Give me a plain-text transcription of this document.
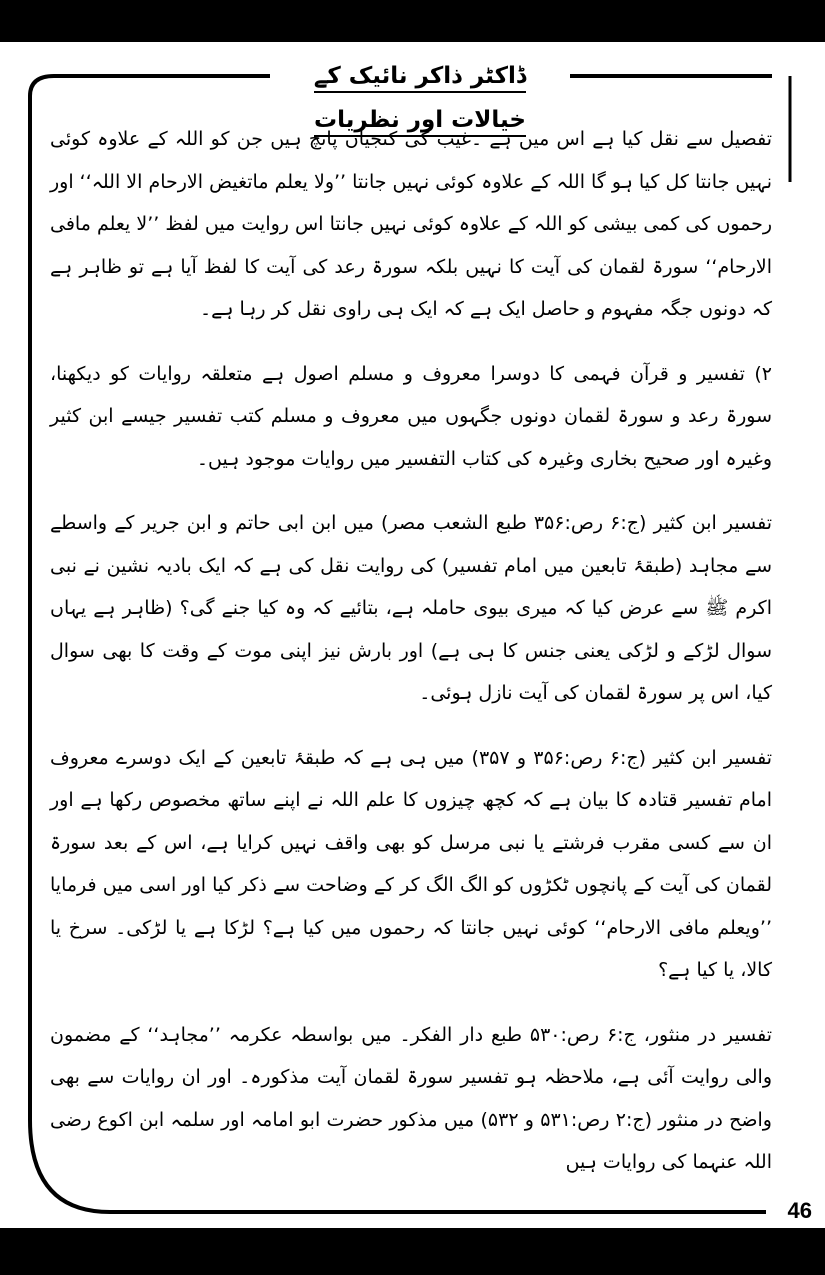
ڈاکٹر ذاکر نائیک کے خیالات اور نظریات

تفصیل سے نقل کیا ہے اس میں ہے ۔غیب کی کنجیاں پانچ ہیں جن کو اللہ کے علاوہ کوئی نہیں جانتا کل کیا ہو گا اللہ کے علاوہ کوئی نہیں جانتا ’’ولا یعلم ماتغیض الارحام الا اللہ‘‘ اور رحموں کی کمی بیشی کو اللہ کے علاوہ کوئی نہیں جانتا اس روایت میں لفظ ’’لا یعلم مافی الارحام‘‘ سورۃ لقمان کی آیت کا نہیں بلکہ سورۃ رعد کی آیت کا لفظ آیا ہے تو ظاہر ہے کہ دونوں جگہ مفہوم و حاصل ایک ہے کہ ایک ہی راوی نقل کر رہا ہے۔

۲) تفسیر و قرآن فہمی کا دوسرا معروف و مسلم اصول ہے متعلقہ روایات کو دیکھنا، سورۃ رعد و سورۃ لقمان دونوں جگہوں میں معروف و مسلم کتب تفسیر جیسے ابن کثیر وغیرہ اور صحیح بخاری وغیرہ کی کتاب التفسیر میں روایات موجود ہیں۔

تفسیر ابن کثیر (ج:۶ رص:۳۵۶ طبع الشعب مصر) میں ابن ابی حاتم و ابن جریر کے واسطے سے مجاہد (طبقۂ تابعین میں امام تفسیر) کی روایت نقل کی ہے کہ ایک بادیہ نشین نے نبی اکرم ﷺ سے عرض کیا کہ میری بیوی حاملہ ہے، بتائیے کہ وہ کیا جنے گی؟ (ظاہر ہے یہاں سوال لڑکے و لڑکی یعنی جنس کا ہی ہے) اور بارش نیز اپنی موت کے وقت کا بھی سوال کیا، اس پر سورۃ لقمان کی آیت نازل ہوئی۔

تفسیر ابن کثیر (ج:۶ رص:۳۵۶ و ۳۵۷) میں ہی ہے کہ طبقۂ تابعین کے ایک دوسرے معروف امام تفسیر قتادہ کا بیان ہے کہ کچھ چیزوں کا علم اللہ نے اپنے ساتھ مخصوص رکھا ہے اور ان سے کسی مقرب فرشتے یا نبی مرسل کو بھی واقف نہیں کرایا ہے، اس کے بعد سورۃ لقمان کی آیت کے پانچوں ٹکڑوں کو الگ الگ کر کے وضاحت سے ذکر کیا اور اسی میں فرمایا ’’ویعلم مافی الارحام‘‘ کوئی نہیں جانتا کہ رحموں میں کیا ہے؟ لڑکا ہے یا لڑکی۔ سرخ یا کالا، یا کیا ہے؟

تفسیر در منثور، ج:۶ رص:۵۳۰ طبع دار الفکر۔ میں بواسطہ عکرمہ ’’مجاہد‘‘ کے مضمون والی روایت آئی ہے، ملاحظہ ہو تفسیر سورۃ لقمان آیت مذکورہ۔ اور ان روایات سے بھی واضح در منثور (ج:۲ رص:۵۳۱ و ۵۳۲) میں مذکور حضرت ابو امامہ اور سلمہ ابن اکوع رضی اللہ عنہما کی روایات ہیں

46
